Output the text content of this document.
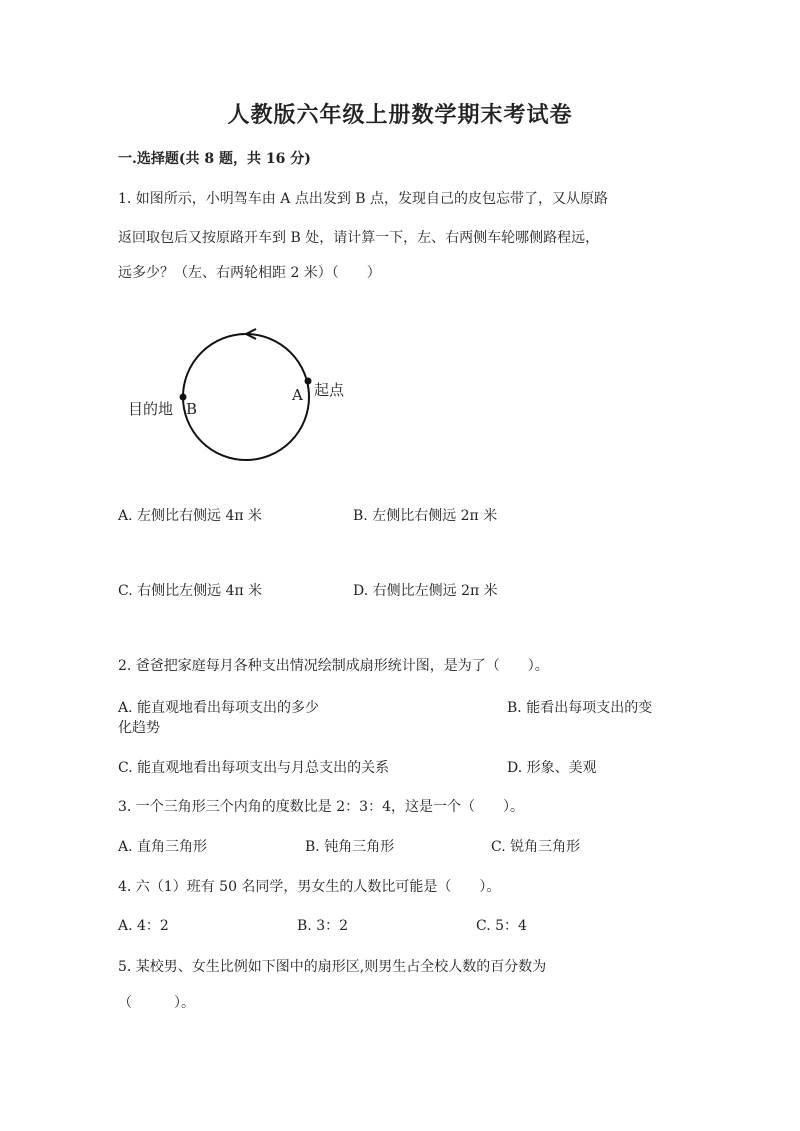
人教版六年级上册数学期末考试卷
一.选择题(共 8 题，共 16 分)
1. 如图所示，小明驾车由 A 点出发到 B 点，发现自己的皮包忘带了，又从原路
返回取包后又按原路开车到 B 处，请计算一下，左、右两侧车轮哪侧路程远，
远多少？（左、右两轮相距 2 米）（　　）
目的地 B
A 起点
A. 左侧比右侧远 4π 米	B. 左侧比右侧远 2π 米
C. 右侧比左侧远 4π 米	D. 右侧比左侧远 2π 米
2. 爸爸把家庭每月各种支出情况绘制成扇形统计图，是为了（　　）。
A. 能直观地看出每项支出的多少	B. 能看出每项支出的变
化趋势
C. 能直观地看出每项支出与月总支出的关系	D. 形象、美观
3. 一个三角形三个内角的度数比是 2：3：4，这是一个（　　）。
A. 直角三角形	B. 钝角三角形	C. 锐角三角形
4. 六（1）班有 50 名同学，男女生的人数比可能是（　　）。
A. 4：2	B. 3：2	C. 5：4
5. 某校男、女生比例如下图中的扇形区,则男生占全校人数的百分数为
（　　　）。
